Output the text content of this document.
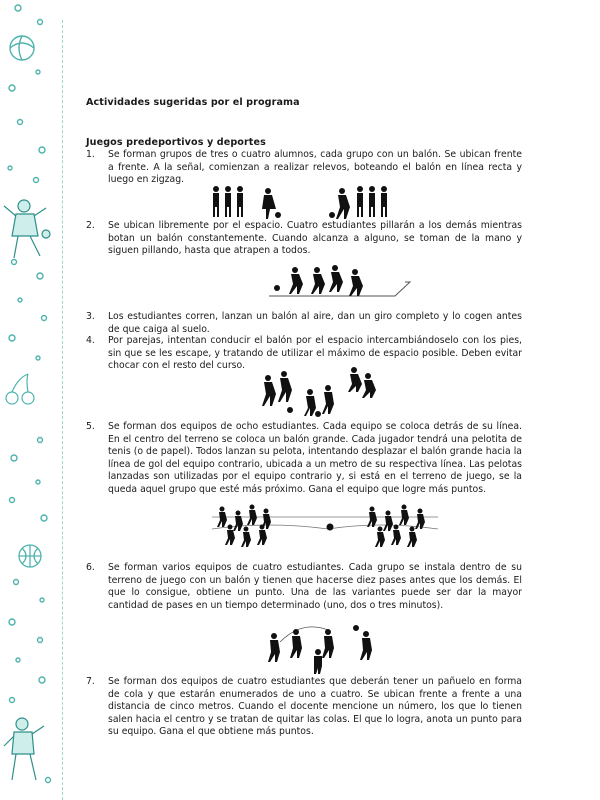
Actividades sugeridas por el programa
Juegos predeportivos y deportes
1.	Se forman grupos de tres o cuatro alumnos, cada grupo con un balón. Se ubican frente a frente. A la señal, comienzan a realizar relevos, boteando el balón en línea recta y luego en zigzag.
2.	Se ubican libremente por el espacio. Cuatro estudiantes pillarán a los demás mientras botan un balón constantemente. Cuando alcanza a alguno, se toman de la mano y siguen pillando, hasta que atrapen a todos.
3.	Los estudiantes corren, lanzan un balón al aire, dan un giro completo y lo cogen antes de que caiga al suelo.
4.	Por parejas, intentan conducir el balón por el espacio intercambiándoselo con los pies, sin que se les escape, y tratando de utilizar el máximo de espacio posible. Deben evitar chocar con el resto del curso.
5.	Se forman dos equipos de ocho estudiantes. Cada equipo se coloca detrás de su línea. En el centro del terreno se coloca un balón grande. Cada jugador tendrá una pelotita de tenis (o de papel). Todos lanzan su pelota, intentando desplazar el balón grande hacia la línea de gol del equipo contrario, ubicada a un metro de su respectiva línea. Las pelotas lanzadas son utilizadas por el equipo contrario y, si está en el terreno de juego, se la queda aquel grupo que esté más próximo. Gana el equipo que logre más puntos.
6.	Se forman varios equipos de cuatro estudiantes. Cada grupo se instala dentro de su terreno de juego con un balón y tienen que hacerse diez pases antes que los demás. El que lo consigue, obtiene un punto. Una de las variantes puede ser dar la mayor cantidad de pases en un tiempo determinado (uno, dos o tres minutos).
7.	Se forman dos equipos de cuatro estudiantes que deberán tener un pañuelo en forma de cola y que estarán enumerados de uno a cuatro. Se ubican frente a frente a una distancia de cinco metros. Cuando el docente mencione un número, los que lo tienen salen hacia el centro y se tratan de quitar las colas. El que lo logra, anota un punto para su equipo. Gana el que obtiene más puntos.
